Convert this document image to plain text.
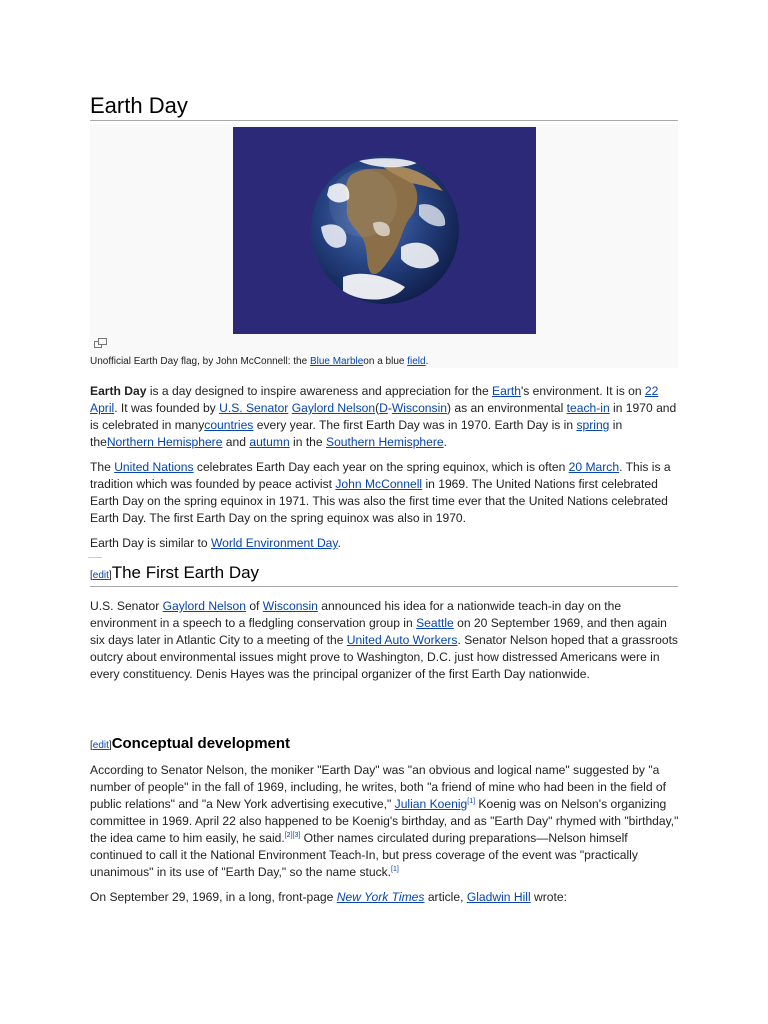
Earth Day
Unofficial Earth Day flag, by John McConnell: the Blue Marbleon a blue field.

Earth Day is a day designed to inspire awareness and appreciation for the Earth's environment. It is on 22 April. It was founded by U.S. Senator Gaylord Nelson(D-Wisconsin) as an environmental teach-in in 1970 and is celebrated in manycountries every year. The first Earth Day was in 1970. Earth Day is in spring in theNorthern Hemisphere and autumn in the Southern Hemisphere.

The United Nations celebrates Earth Day each year on the spring equinox, which is often 20 March. This is a tradition which was founded by peace activist John McConnell in 1969. The United Nations first celebrated Earth Day on the spring equinox in 1971. This was also the first time ever that the United Nations celebrated Earth Day. The first Earth Day on the spring equinox was also in 1970.

Earth Day is similar to World Environment Day.

[edit]The First Earth Day

U.S. Senator Gaylord Nelson of Wisconsin announced his idea for a nationwide teach-in day on the environment in a speech to a fledgling conservation group in Seattle on 20 September 1969, and then again six days later in Atlantic City to a meeting of the United Auto Workers. Senator Nelson hoped that a grassroots outcry about environmental issues might prove to Washington, D.C. just how distressed Americans were in every constituency. Denis Hayes was the principal organizer of the first Earth Day nationwide.

[edit]Conceptual development

According to Senator Nelson, the moniker "Earth Day" was "an obvious and logical name" suggested by "a number of people" in the fall of 1969, including, he writes, both "a friend of mine who had been in the field of public relations" and "a New York advertising executive," Julian Koenig[1] Koenig was on Nelson's organizing committee in 1969. April 22 also happened to be Koenig's birthday, and as "Earth Day" rhymed with "birthday," the idea came to him easily, he said.[2][3] Other names circulated during preparations—Nelson himself continued to call it the National Environment Teach-In, but press coverage of the event was "practically unanimous" in its use of "Earth Day," so the name stuck.[1]

On September 29, 1969, in a long, front-page New York Times article, Gladwin Hill wrote:
